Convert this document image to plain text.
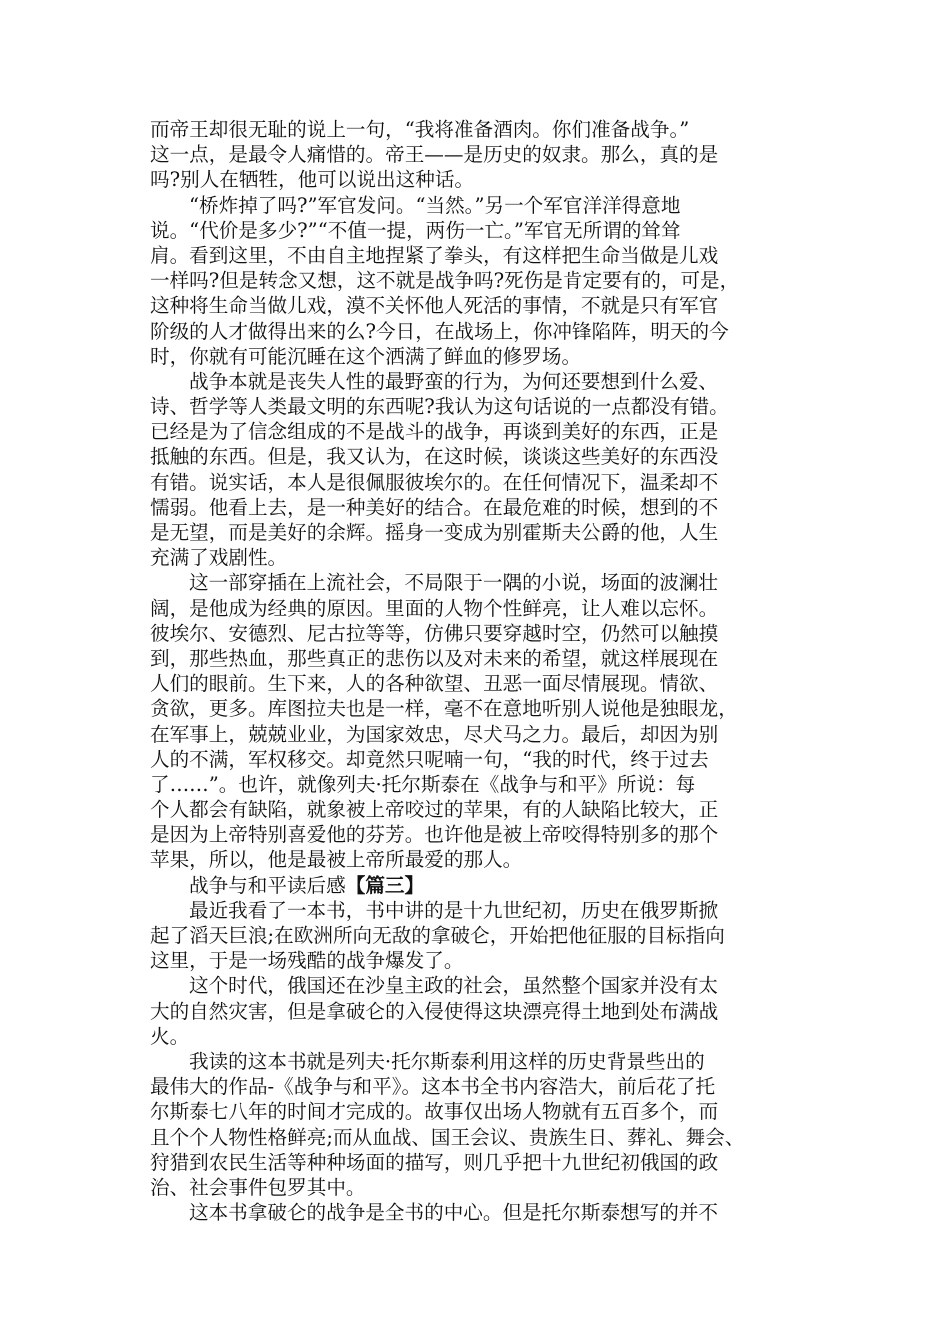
而帝王却很无耻的说上一句，“我将准备酒肉。你们准备战争。”
这一点，是最令人痛惜的。帝王——是历史的奴隶。那么，真的是
吗?别人在牺牲，他可以说出这种话。
“桥炸掉了吗?”军官发问。“当然。”另一个军官洋洋得意地
说。“代价是多少?”“不值一提，两伤一亡。”军官无所谓的耸耸
肩。看到这里，不由自主地捏紧了拳头，有这样把生命当做是儿戏
一样吗?但是转念又想，这不就是战争吗?死伤是肯定要有的，可是，
这种将生命当做儿戏，漠不关怀他人死活的事情，不就是只有军官
阶级的人才做得出来的么?今日，在战场上，你冲锋陷阵，明天的今
时，你就有可能沉睡在这个洒满了鲜血的修罗场。
战争本就是丧失人性的最野蛮的行为，为何还要想到什么爱、
诗、哲学等人类最文明的东西呢?我认为这句话说的一点都没有错。
已经是为了信念组成的不是战斗的战争，再谈到美好的东西，正是
抵触的东西。但是，我又认为，在这时候，谈谈这些美好的东西没
有错。说实话，本人是很佩服彼埃尔的。在任何情况下，温柔却不
懦弱。他看上去，是一种美好的结合。在最危难的时候，想到的不
是无望，而是美好的余辉。摇身一变成为别霍斯夫公爵的他，人生
充满了戏剧性。
这一部穿插在上流社会，不局限于一隅的小说，场面的波澜壮
阔，是他成为经典的原因。里面的人物个性鲜亮，让人难以忘怀。
彼埃尔、安德烈、尼古拉等等，仿佛只要穿越时空，仍然可以触摸
到，那些热血，那些真正的悲伤以及对未来的希望，就这样展现在
人们的眼前。生下来，人的各种欲望、丑恶一面尽情展现。情欲、
贪欲，更多。库图拉夫也是一样，毫不在意地听别人说他是独眼龙，
在军事上，兢兢业业，为国家效忠，尽犬马之力。最后，却因为别
人的不满，军权移交。却竟然只呢喃一句，“我的时代，终于过去
了……”。也许，就像列夫·托尔斯泰在《战争与和平》所说：每
个人都会有缺陷，就象被上帝咬过的苹果，有的人缺陷比较大，正
是因为上帝特别喜爱他的芬芳。也许他是被上帝咬得特别多的那个
苹果，所以，他是最被上帝所最爱的那人。
战争与和平读后感【篇三】
最近我看了一本书，书中讲的是十九世纪初，历史在俄罗斯掀
起了滔天巨浪;在欧洲所向无敌的拿破仑，开始把他征服的目标指向
这里，于是一场残酷的战争爆发了。
这个时代，俄国还在沙皇主政的社会，虽然整个国家并没有太
大的自然灾害，但是拿破仑的入侵使得这块漂亮得土地到处布满战
火。
我读的这本书就是列夫·托尔斯泰利用这样的历史背景些出的
最伟大的作品-《战争与和平》。这本书全书内容浩大，前后花了托
尔斯泰七八年的时间才完成的。故事仅出场人物就有五百多个，而
且个个人物性格鲜亮;而从血战、国王会议、贵族生日、葬礼、舞会、
狩猎到农民生活等种种场面的描写，则几乎把十九世纪初俄国的政
治、社会事件包罗其中。
这本书拿破仑的战争是全书的中心。但是托尔斯泰想写的并不
